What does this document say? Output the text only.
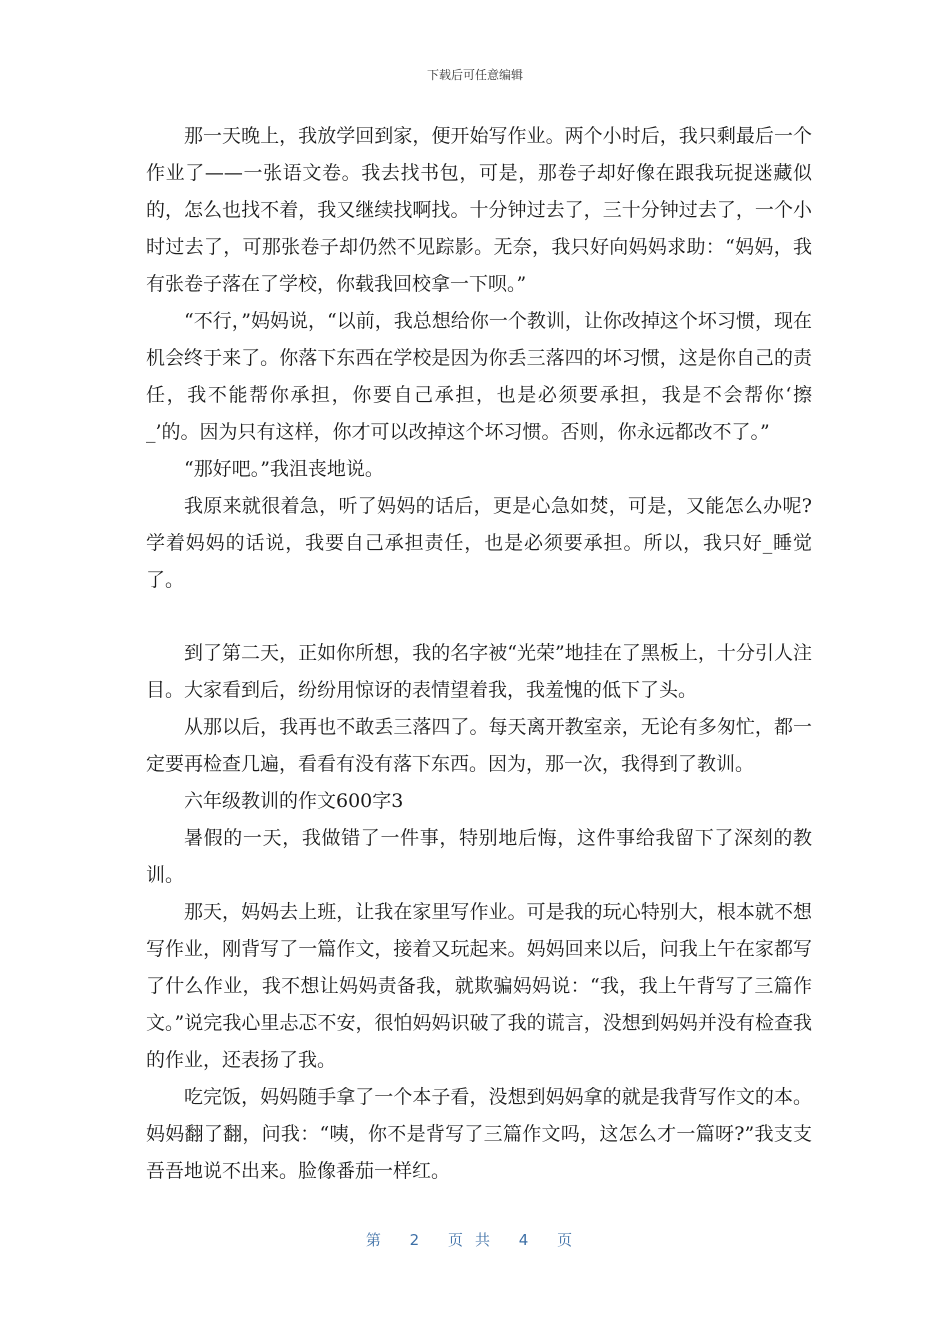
下载后可任意编辑

那一天晚上，我放学回到家，便开始写作业。两个小时后，我只剩最后一个作业了——一张语文卷。我去找书包，可是，那卷子却好像在跟我玩捉迷藏似的，怎么也找不着，我又继续找啊找。十分钟过去了，三十分钟过去了，一个小时过去了，可那张卷子却仍然不见踪影。无奈，我只好向妈妈求助：“妈妈，我有张卷子落在了学校，你载我回校拿一下呗。”

“不行，”妈妈说，“以前，我总想给你一个教训，让你改掉这个坏习惯，现在机会终于来了。你落下东西在学校是因为你丢三落四的坏习惯，这是你自己的责任，我不能帮你承担，你要自己承担，也是必须要承担，我是不会帮你‘擦_’的。因为只有这样，你才可以改掉这个坏习惯。否则，你永远都改不了。”

“那好吧。”我沮丧地说。

我原来就很着急，听了妈妈的话后，更是心急如焚，可是，又能怎么办呢?学着妈妈的话说，我要自己承担责任，也是必须要承担。所以，我只好_睡觉了。

到了第二天，正如你所想，我的名字被“光荣”地挂在了黑板上，十分引人注目。大家看到后，纷纷用惊讶的表情望着我，我羞愧的低下了头。

从那以后，我再也不敢丢三落四了。每天离开教室亲，无论有多匆忙，都一定要再检查几遍，看看有没有落下东西。因为，那一次，我得到了教训。

六年级教训的作文600字3

暑假的一天，我做错了一件事，特别地后悔，这件事给我留下了深刻的教训。

那天，妈妈去上班，让我在家里写作业。可是我的玩心特别大，根本就不想写作业，刚背写了一篇作文，接着又玩起来。妈妈回来以后，问我上午在家都写了什么作业，我不想让妈妈责备我，就欺骗妈妈说：“我，我上午背写了三篇作文。”说完我心里忐忑不安，很怕妈妈识破了我的谎言，没想到妈妈并没有检查我的作业，还表扬了我。

吃完饭，妈妈随手拿了一个本子看，没想到妈妈拿的就是我背写作文的本。妈妈翻了翻，问我：“咦，你不是背写了三篇作文吗，这怎么才一篇呀?”我支支吾吾地说不出来。脸像番茄一样红。

第 2 页共 4 页
